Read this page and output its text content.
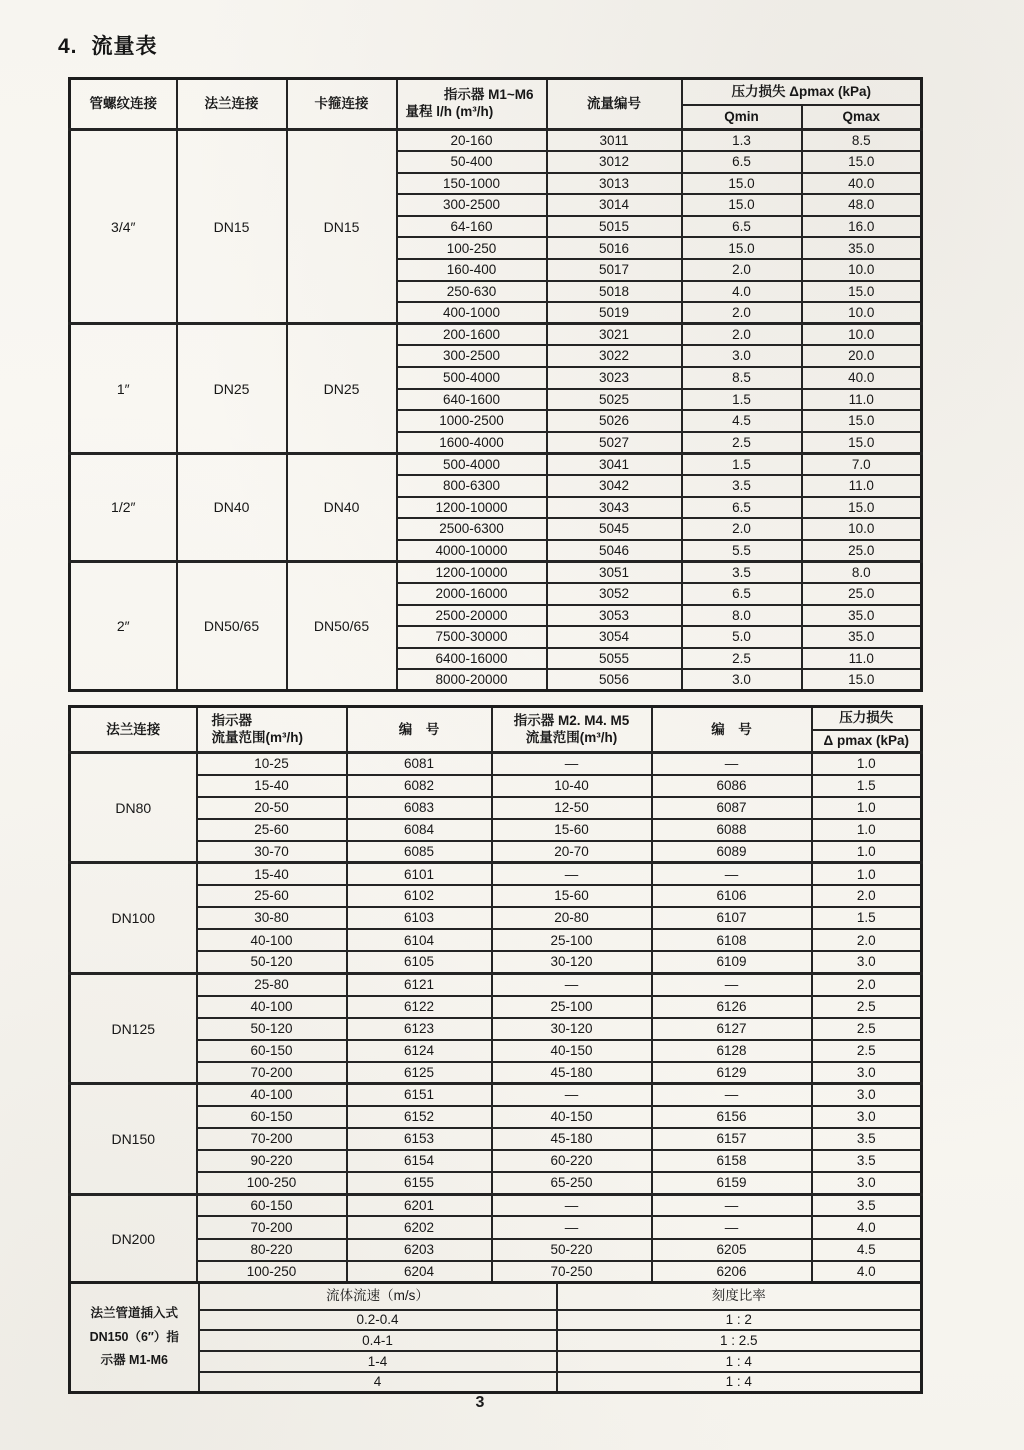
4. 流量表
管螺纹连接	法兰连接	卡箍连接	指示器 M1~M6
量程 l/h (m³/h)	流量编号	压力损失 Δpmax (kPa)	
					Qmin	Qmax
3/4″	DN15	DN15	20-160	3011	1.3	8.5
			50-400	3012	6.5	15.0
			150-1000	3013	15.0	40.0
			300-2500	3014	15.0	48.0
			64-160	5015	6.5	16.0
			100-250	5016	15.0	35.0
			160-400	5017	2.0	10.0
			250-630	5018	4.0	15.0
			400-1000	5019	2.0	10.0
1″	DN25	DN25	200-1600	3021	2.0	10.0
			300-2500	3022	3.0	20.0
			500-4000	3023	8.5	40.0
			640-1600	5025	1.5	11.0
			1000-2500	5026	4.5	15.0
			1600-4000	5027	2.5	15.0
1/2″	DN40	DN40	500-4000	3041	1.5	7.0
			800-6300	3042	3.5	11.0
			1200-10000	3043	6.5	15.0
			2500-6300	5045	2.0	10.0
			4000-10000	5046	5.5	25.0
2″	DN50/65	DN50/65	1200-10000	3051	3.5	8.0
			2000-16000	3052	6.5	25.0
			2500-20000	3053	8.0	35.0
			7500-30000	3054	5.0	35.0
			6400-16000	5055	2.5	11.0
			8000-20000	5056	3.0	15.0
法兰连接	
指示器
流量范围(m³/h)
	编　号	
指示器 M2. M4. M5
流量范围(m³/h)
	编　号	压力损失
					Δ pmax (kPa)
DN80	10-25	6081	—	—	1.0
	15-40	6082	10-40	6086	1.5
	20-50	6083	12-50	6087	1.0
	25-60	6084	15-60	6088	1.0
	30-70	6085	20-70	6089	1.0
DN100	15-40	6101	—	—	1.0
	25-60	6102	15-60	6106	2.0
	30-80	6103	20-80	6107	1.5
	40-100	6104	25-100	6108	2.0
	50-120	6105	30-120	6109	3.0
DN125	25-80	6121	—	—	2.0
	40-100	6122	25-100	6126	2.5
	50-120	6123	30-120	6127	2.5
	60-150	6124	40-150	6128	2.5
	70-200	6125	45-180	6129	3.0
DN150	40-100	6151	—	—	3.0
	60-150	6152	40-150	6156	3.0
	70-200	6153	45-180	6157	3.5
	90-220	6154	60-220	6158	3.5
	100-250	6155	65-250	6159	3.0
DN200	60-150	6201	—	—	3.5
	70-200	6202	—	—	4.0
	80-220	6203	50-220	6205	4.5
	100-250	6204	70-250	6206	4.0
法兰管道插入式
DN150（6″）指
示器 M1-M6	流体流速（m/s）	刻度比率
	0.2-0.4	1 : 2
	0.4-1	1 : 2.5
	1-4	1 : 4
	4	1 : 4
3
